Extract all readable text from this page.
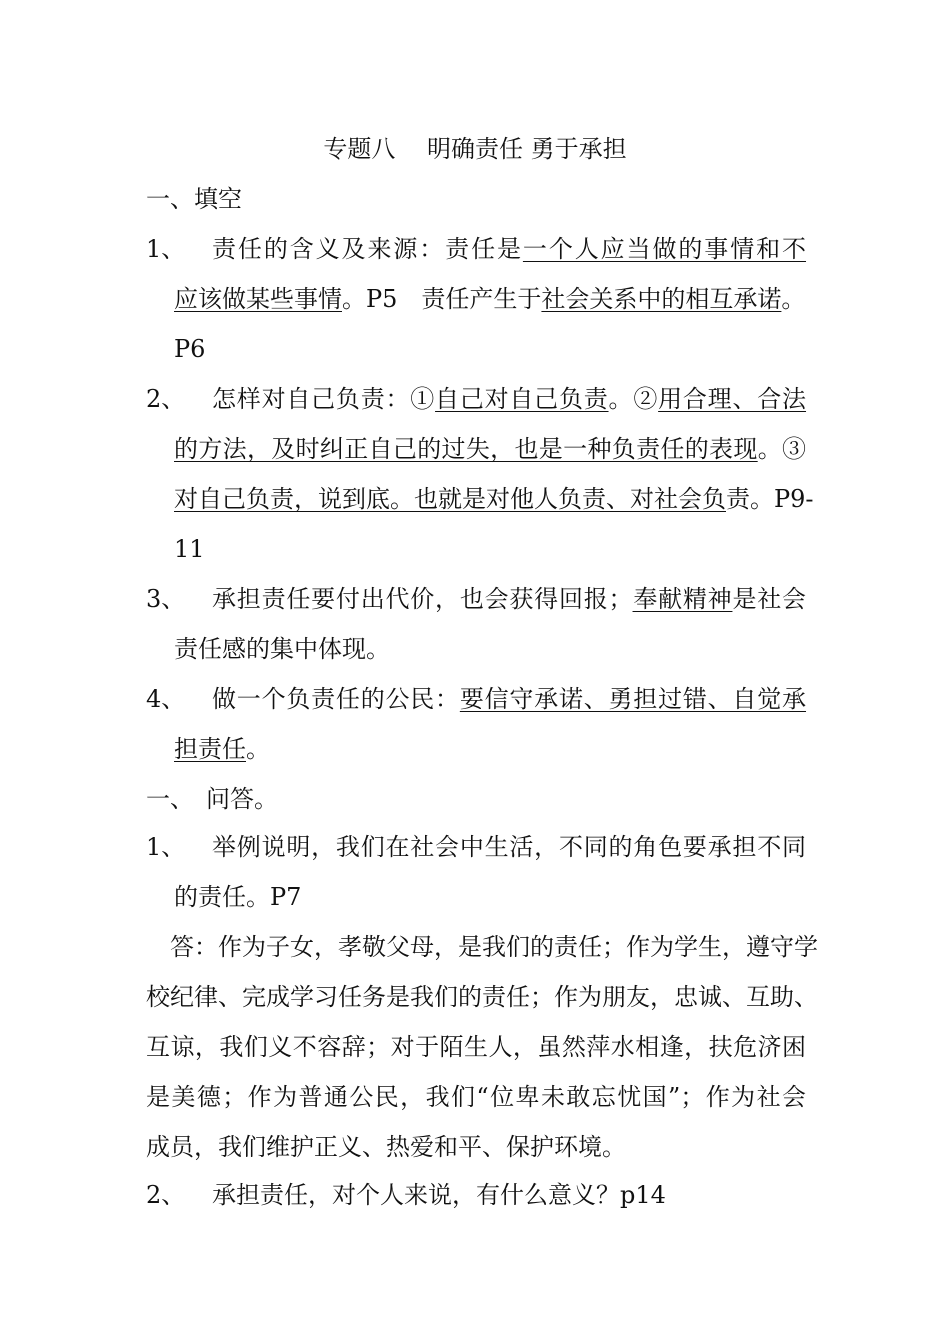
专题八　 明确责任 勇于承担
一、填空
1、 责任的含义及来源：责任是一个人应当做的事情和不
应该做某些事情。P5　责任产生于社会关系中的相互承诺。
P6
2、 怎样对自己负责：①自己对自己负责。②用合理、合法
的方法，及时纠正自己的过失，也是一种负责任的表现。③
对自己负责，说到底。也就是对他人负责、对社会负责。P9-
11
3、 承担责任要付出代价，也会获得回报；奉献精神是社会
责任感的集中体现。
4、 做一个负责任的公民：要信守承诺、勇担过错、自觉承
担责任。
一、　问答。
1、 举例说明，我们在社会中生活，不同的角色要承担不同
的责任。P7
答：作为子女，孝敬父母，是我们的责任；作为学生，遵守学
校纪律、完成学习任务是我们的责任；作为朋友，忠诚、互助、
互谅，我们义不容辞；对于陌生人，虽然萍水相逢，扶危济困
是美德；作为普通公民，我们“位卑未敢忘忧国”；作为社会
成员，我们维护正义、热爱和平、保护环境。
2、 承担责任，对个人来说，有什么意义？p14
